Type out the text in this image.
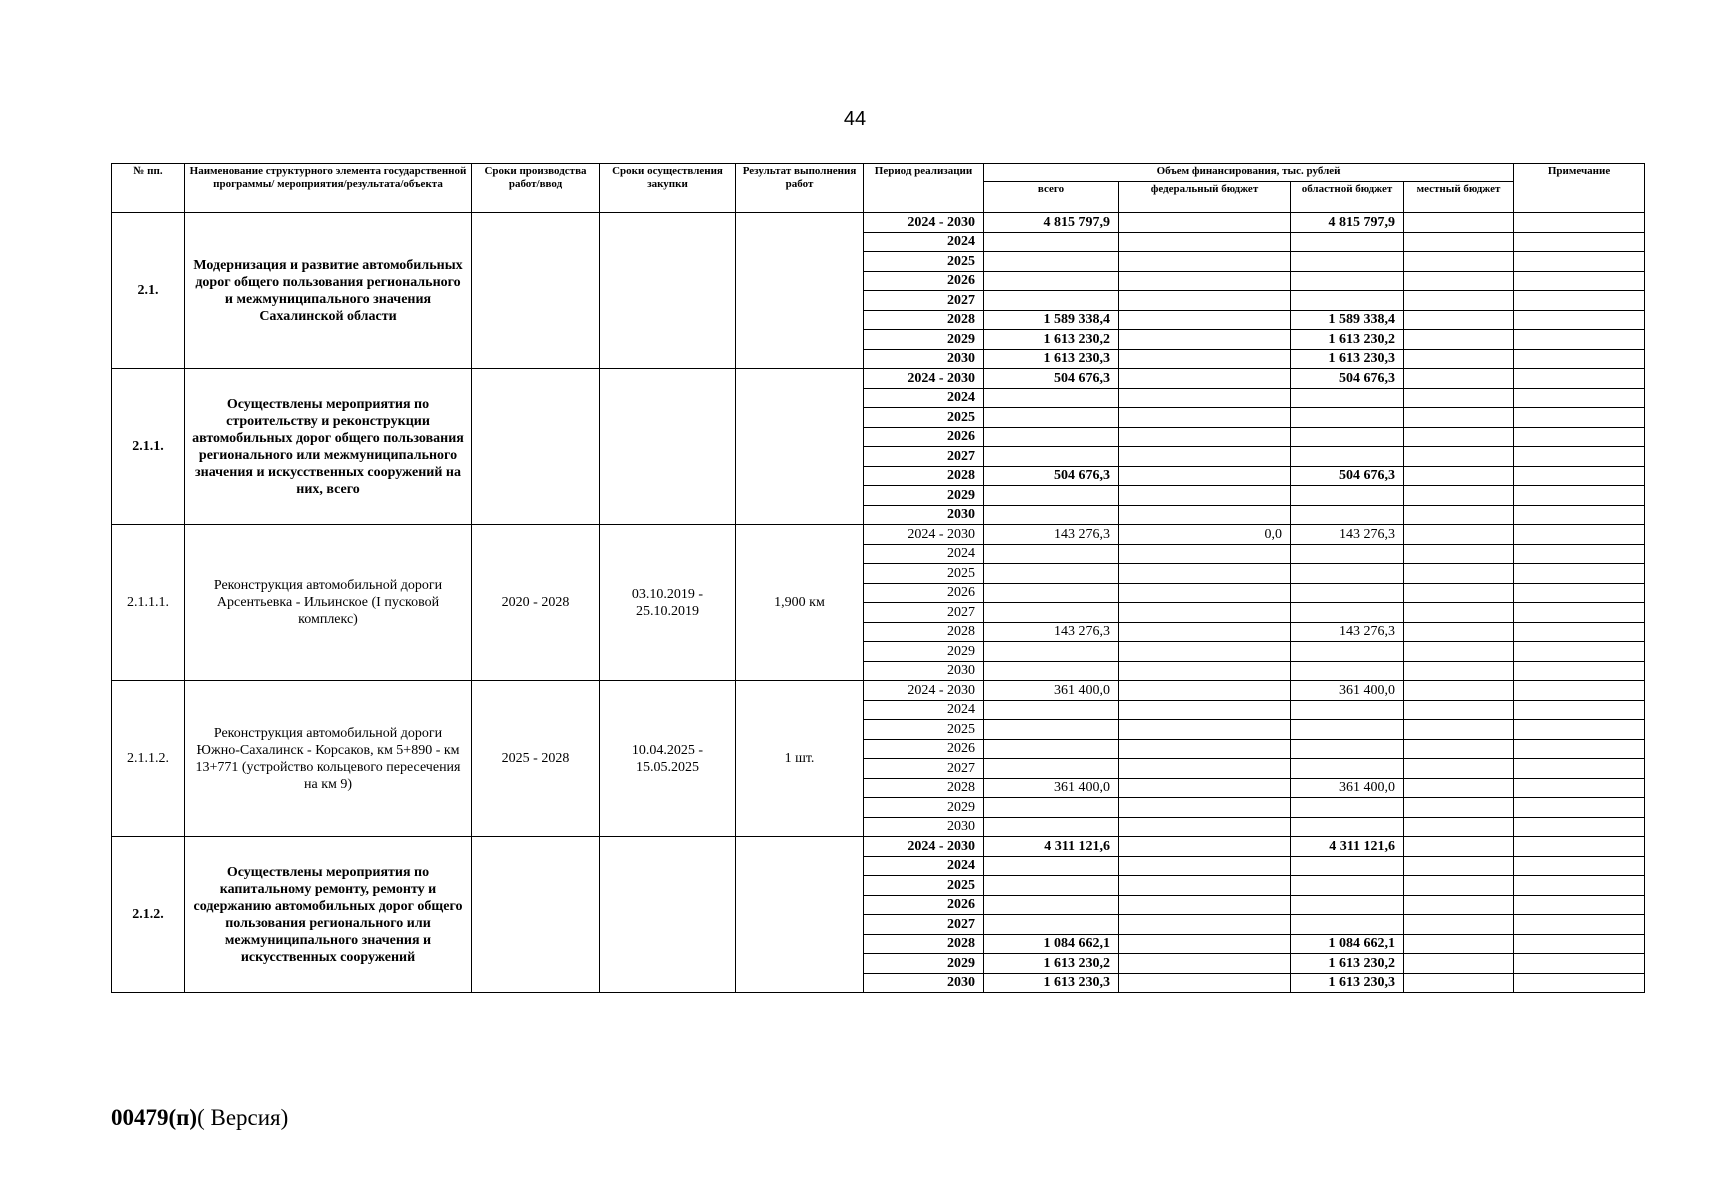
44
№ пп.	Наименование структурного элемента государственной программы/ мероприятия/результата/объекта	Сроки производства работ/ввод	Сроки осуществления закупки	Результат выполнения работ	Период реализации	Объем финансирования, тыс. рублей				Примечание
						всего	федеральный бюджет	областной бюджет	местный бюджет	
2.1.	Модернизация и развитие автомобильных дорог общего пользования регионального и межмуниципального значения Сахалинской области				2024 - 2030	4 815 797,9		4 815 797,9		
					2024					
					2025					
					2026					
					2027					
					2028	1 589 338,4		1 589 338,4		
					2029	1 613 230,2		1 613 230,2		
					2030	1 613 230,3		1 613 230,3		
2.1.1.	Осуществлены мероприятия по строительству и реконструкции автомобильных дорог общего пользования регионального или межмуниципального значения и искусственных сооружений на них, всего				2024 - 2030	504 676,3		504 676,3		
					2024					
					2025					
					2026					
					2027					
					2028	504 676,3		504 676,3		
					2029					
					2030					
2.1.1.1.	Реконструкция автомобильной дороги Арсентьевка - Ильинское (I пусковой комплекс)	2020 - 2028	03.10.2019 - 25.10.2019	1,900 км	2024 - 2030	143 276,3	0,0	143 276,3		
					2024					
					2025					
					2026					
					2027					
					2028	143 276,3		143 276,3		
					2029					
					2030					
2.1.1.2.	Реконструкция автомобильной дороги Южно-Сахалинск - Корсаков, км 5+890 - км 13+771 (устройство кольцевого пересечения на км 9)	2025 - 2028	10.04.2025 - 15.05.2025	1 шт.	2024 - 2030	361 400,0		361 400,0		
					2024					
					2025					
					2026					
					2027					
					2028	361 400,0		361 400,0		
					2029					
					2030					
2.1.2.	Осуществлены мероприятия по капитальному ремонту, ремонту и содержанию автомобильных дорог общего пользования регионального или межмуниципального значения и искусственных сооружений				2024 - 2030	4 311 121,6		4 311 121,6		
					2024					
					2025					
					2026					
					2027					
					2028	1 084 662,1		1 084 662,1		
					2029	1 613 230,2		1 613 230,2		
					2030	1 613 230,3		1 613 230,3		
00479(п)( Версия)
